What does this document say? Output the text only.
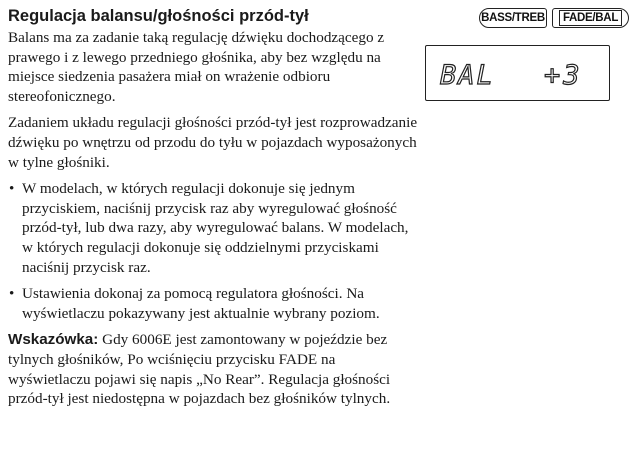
Regulacja balansu/głośności przód-tył

Balans ma za zadanie taką regulację dźwięku dochodzącego z prawego i z lewego przedniego głośnika, aby bez względu na miejsce siedzenia pasażera miał on wrażenie odbioru stereofonicznego.

Zadaniem układu regulacji głośności przód-tył jest rozprowadzanie dźwięku po wnętrzu od przodu do tyłu w pojazdach wyposażonych w tylne głośniki.

• W modelach, w których regulacji dokonuje się jednym przyciskiem, naciśnij przycisk raz aby wyregulować głośność przód-tył, lub dwa razy, aby wyregulować balans. W modelach, w których regulacji dokonuje się oddzielnymi przyciskami naciśnij przycisk raz.
• Ustawienia dokonaj za pomocą regulatora głośności. Na wyświetlaczu pokazywany jest aktualnie wybrany poziom.

Wskazówka: Gdy 6006E jest zamontowany w pojeździe bez tylnych głośników, Po wciśnięciu przycisku FADE na wyświetlaczu pojawi się napis „No Rear”. Regulacja głośności przód-tył jest niedostępna w pojazdach bez głośników tylnych.

BASS/TREB	FADE/BAL
BAL +3
